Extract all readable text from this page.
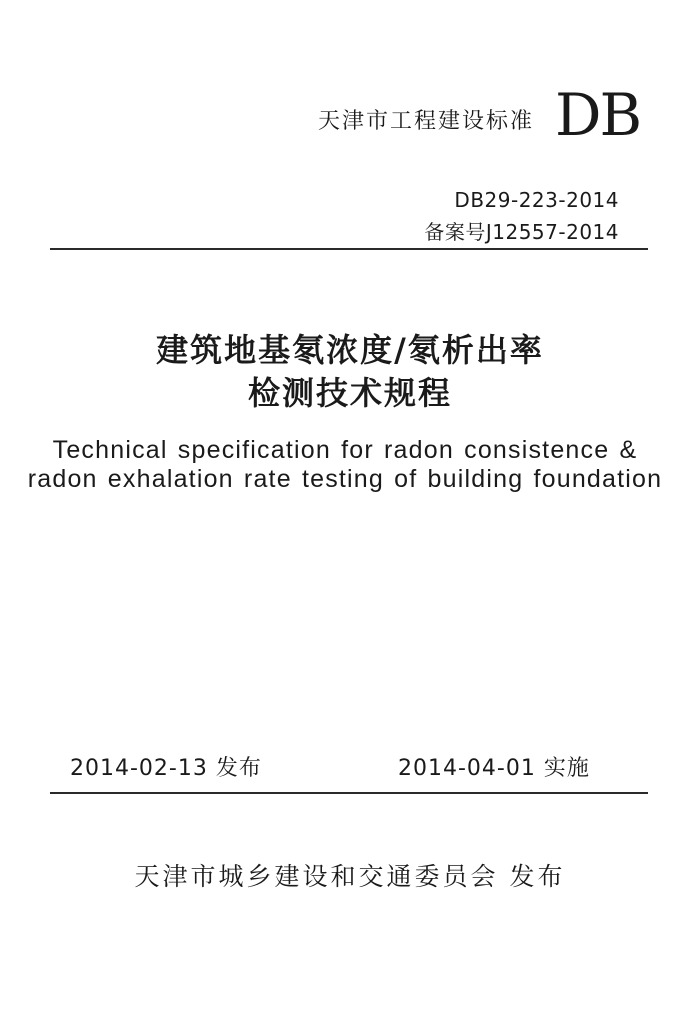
天津市工程建设标准 DB
DB29-223-2014
备案号J12557-2014
建筑地基氡浓度/氡析出率
检测技术规程
Technical specification for radon consistence &
radon exhalation rate testing of building foundation
2014-02-13 发布	2014-04-01 实施
天津市城乡建设和交通委员会 发布
